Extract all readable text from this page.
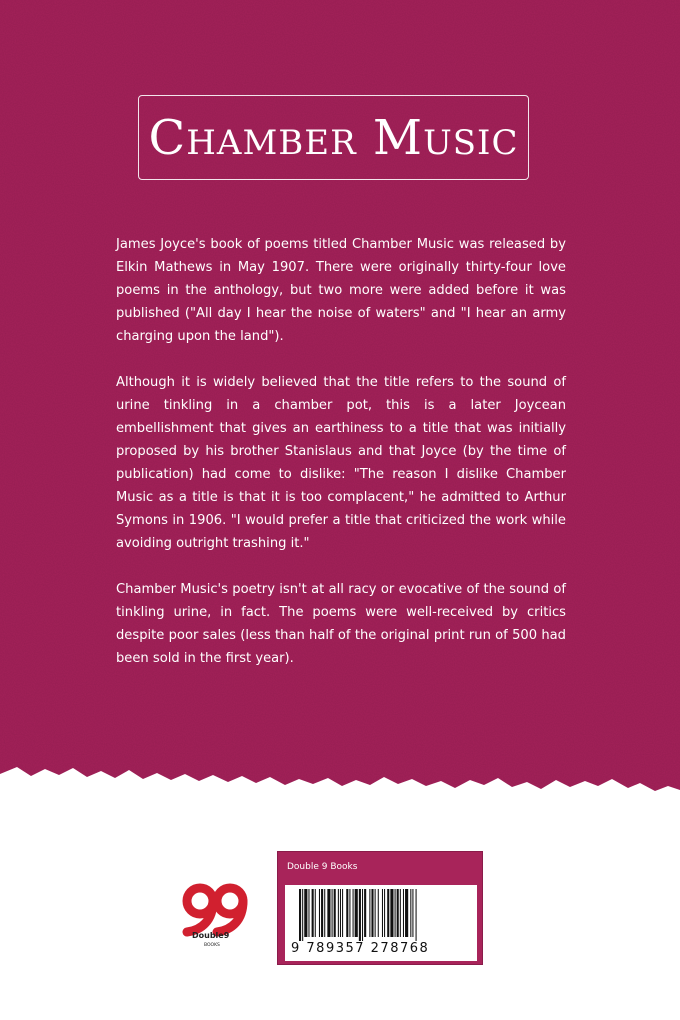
Chamber Music

James Joyce's book of poems titled Chamber Music was released by Elkin Mathews in May 1907. There were originally thirty-four love poems in the anthology, but two more were added before it was published ("All day I hear the noise of waters" and "I hear an army charging upon the land").

Although it is widely believed that the title refers to the sound of urine tinkling in a chamber pot, this is a later Joycean embellishment that gives an earthiness to a title that was initially proposed by his brother Stanislaus and that Joyce (by the time of publication) had come to dislike: "The reason I dislike Chamber Music as a title is that it is too complacent," he admitted to Arthur Symons in 1906. "I would prefer a title that criticized the work while avoiding outright trashing it."

Chamber Music's poetry isn't at all racy or evocative of the sound of tinkling urine, in fact. The poems were well-received by critics despite poor sales (less than half of the original print run of 500 had been sold in the first year).

Double9
BOOKS
Double 9 Books
9 789357 278768
